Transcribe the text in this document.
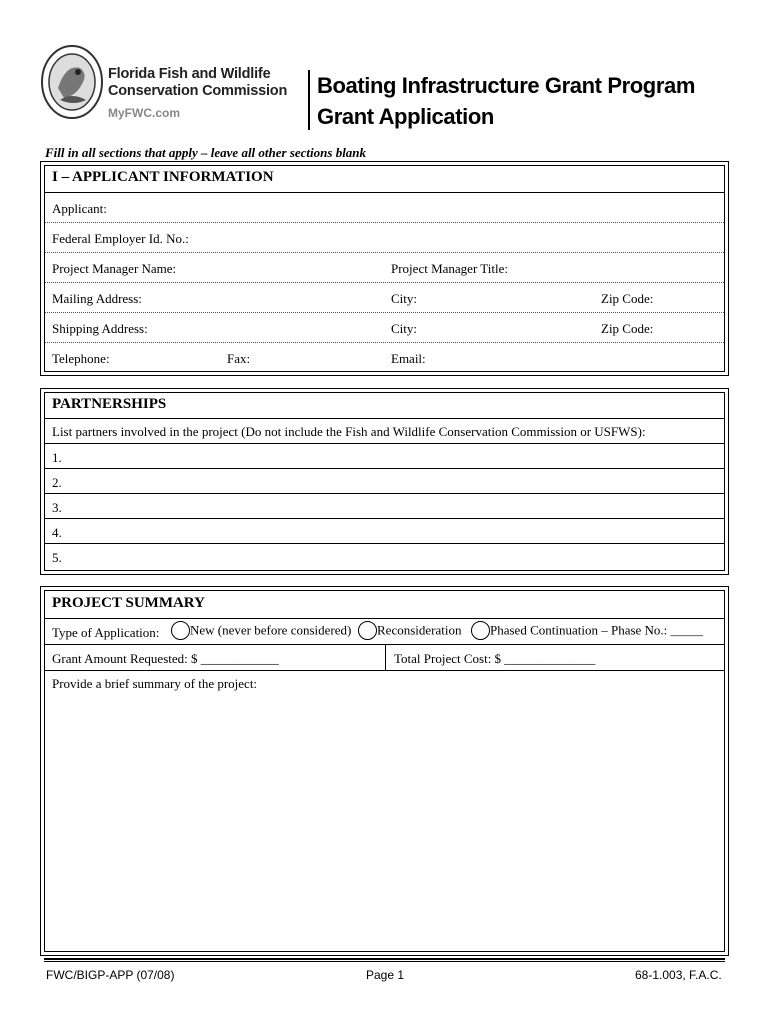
Florida Fish and Wildlife
Conservation Commission
MyFWC.com
Boating Infrastructure Grant Program
Grant Application
Fill in all sections that apply – leave all other sections blank
I – APPLICANT INFORMATION
Applicant:
Federal Employer Id. No.:
Project Manager Name:	Project Manager Title:
Mailing Address:	City:	Zip Code:
Shipping Address:	City:	Zip Code:
Telephone:	Fax:	Email:
PARTNERSHIPS
List partners involved in the project (Do not include the Fish and Wildlife Conservation Commission or USFWS):
1.
2.
3.
4.
5.
PROJECT SUMMARY
Type of Application:	New (never before considered)	Reconsideration	Phased Continuation – Phase No.: _____
Grant Amount Requested: $ ____________	Total Project Cost: $ ______________
Provide a brief summary of the project:
FWC/BIGP-APP (07/08)	Page 1	68-1.003, F.A.C.
